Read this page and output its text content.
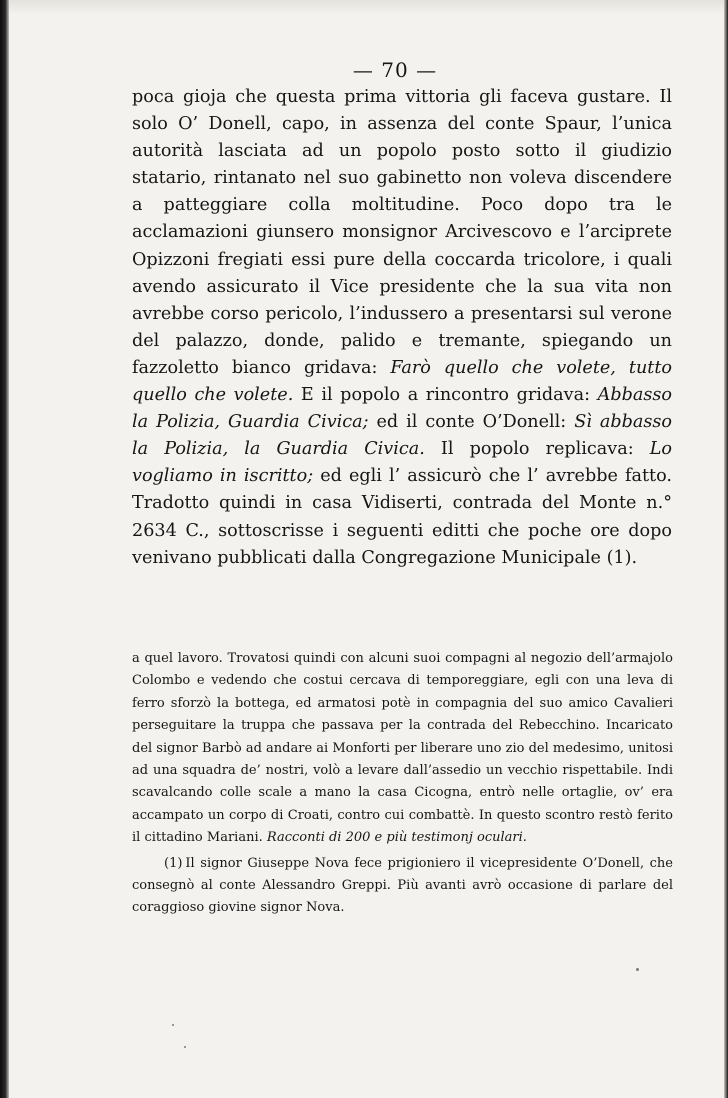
— 70 —

poca gioja che questa prima vittoria gli faceva gustare. Il solo O’ Donell, capo, in assenza del conte Spaur, l’unica autorità lasciata ad un popolo posto sotto il giudizio statario, rintanato nel suo gabinetto non voleva discendere a patteggiare colla moltitudine. Poco dopo tra le acclamazioni giunsero monsignor Arcivescovo e l’arciprete Opizzoni fregiati essi pure della coccarda tricolore, i quali avendo assicurato il Vice presidente che la sua vita non avrebbe corso pericolo, l’indussero a presentarsi sul verone del palazzo, donde, palido e tremante, spiegando un fazzoletto bianco gridava: Farò quello che volete, tutto quello che volete. E il popolo a rincontro gridava: Abbasso la Polizia, Guardia Civica; ed il conte O’Donell: Sì abbasso la Polizia, la Guardia Civica. Il popolo replicava: Lo vogliamo in iscritto; ed egli l’ assicurò che l’ avrebbe fatto. Tradotto quindi in casa Vidiserti, contrada del Monte n.° 2634 C., sottoscrisse i seguenti editti che poche ore dopo venivano pubblicati dalla Congregazione Municipale (1).

a quel lavoro. Trovatosi quindi con alcuni suoi compagni al negozio dell’armajolo Colombo e vedendo che costui cercava di temporeggiare, egli con una leva di ferro sforzò la bottega, ed armatosi potè in compagnia del suo amico Cavalieri perseguitare la truppa che passava per la contrada del Rebecchino. Incaricato del signor Barbò ad andare ai Monforti per liberare uno zio del medesimo, unitosi ad una squadra de’ nostri, volò a levare dall’assedio un vecchio rispettabile. Indi scavalcando colle scale a mano la casa Cicogna, entrò nelle ortaglie, ov’ era accampato un corpo di Croati, contro cui combattè. In questo scontro restò ferito il cittadino Mariani. Racconti di 200 e più testimonj oculari.

(1) Il signor Giuseppe Nova fece prigioniero il vicepresidente O’Donell, che consegnò al conte Alessandro Greppi. Più avanti avrò occasione di parlare del coraggioso giovine signor Nova.
